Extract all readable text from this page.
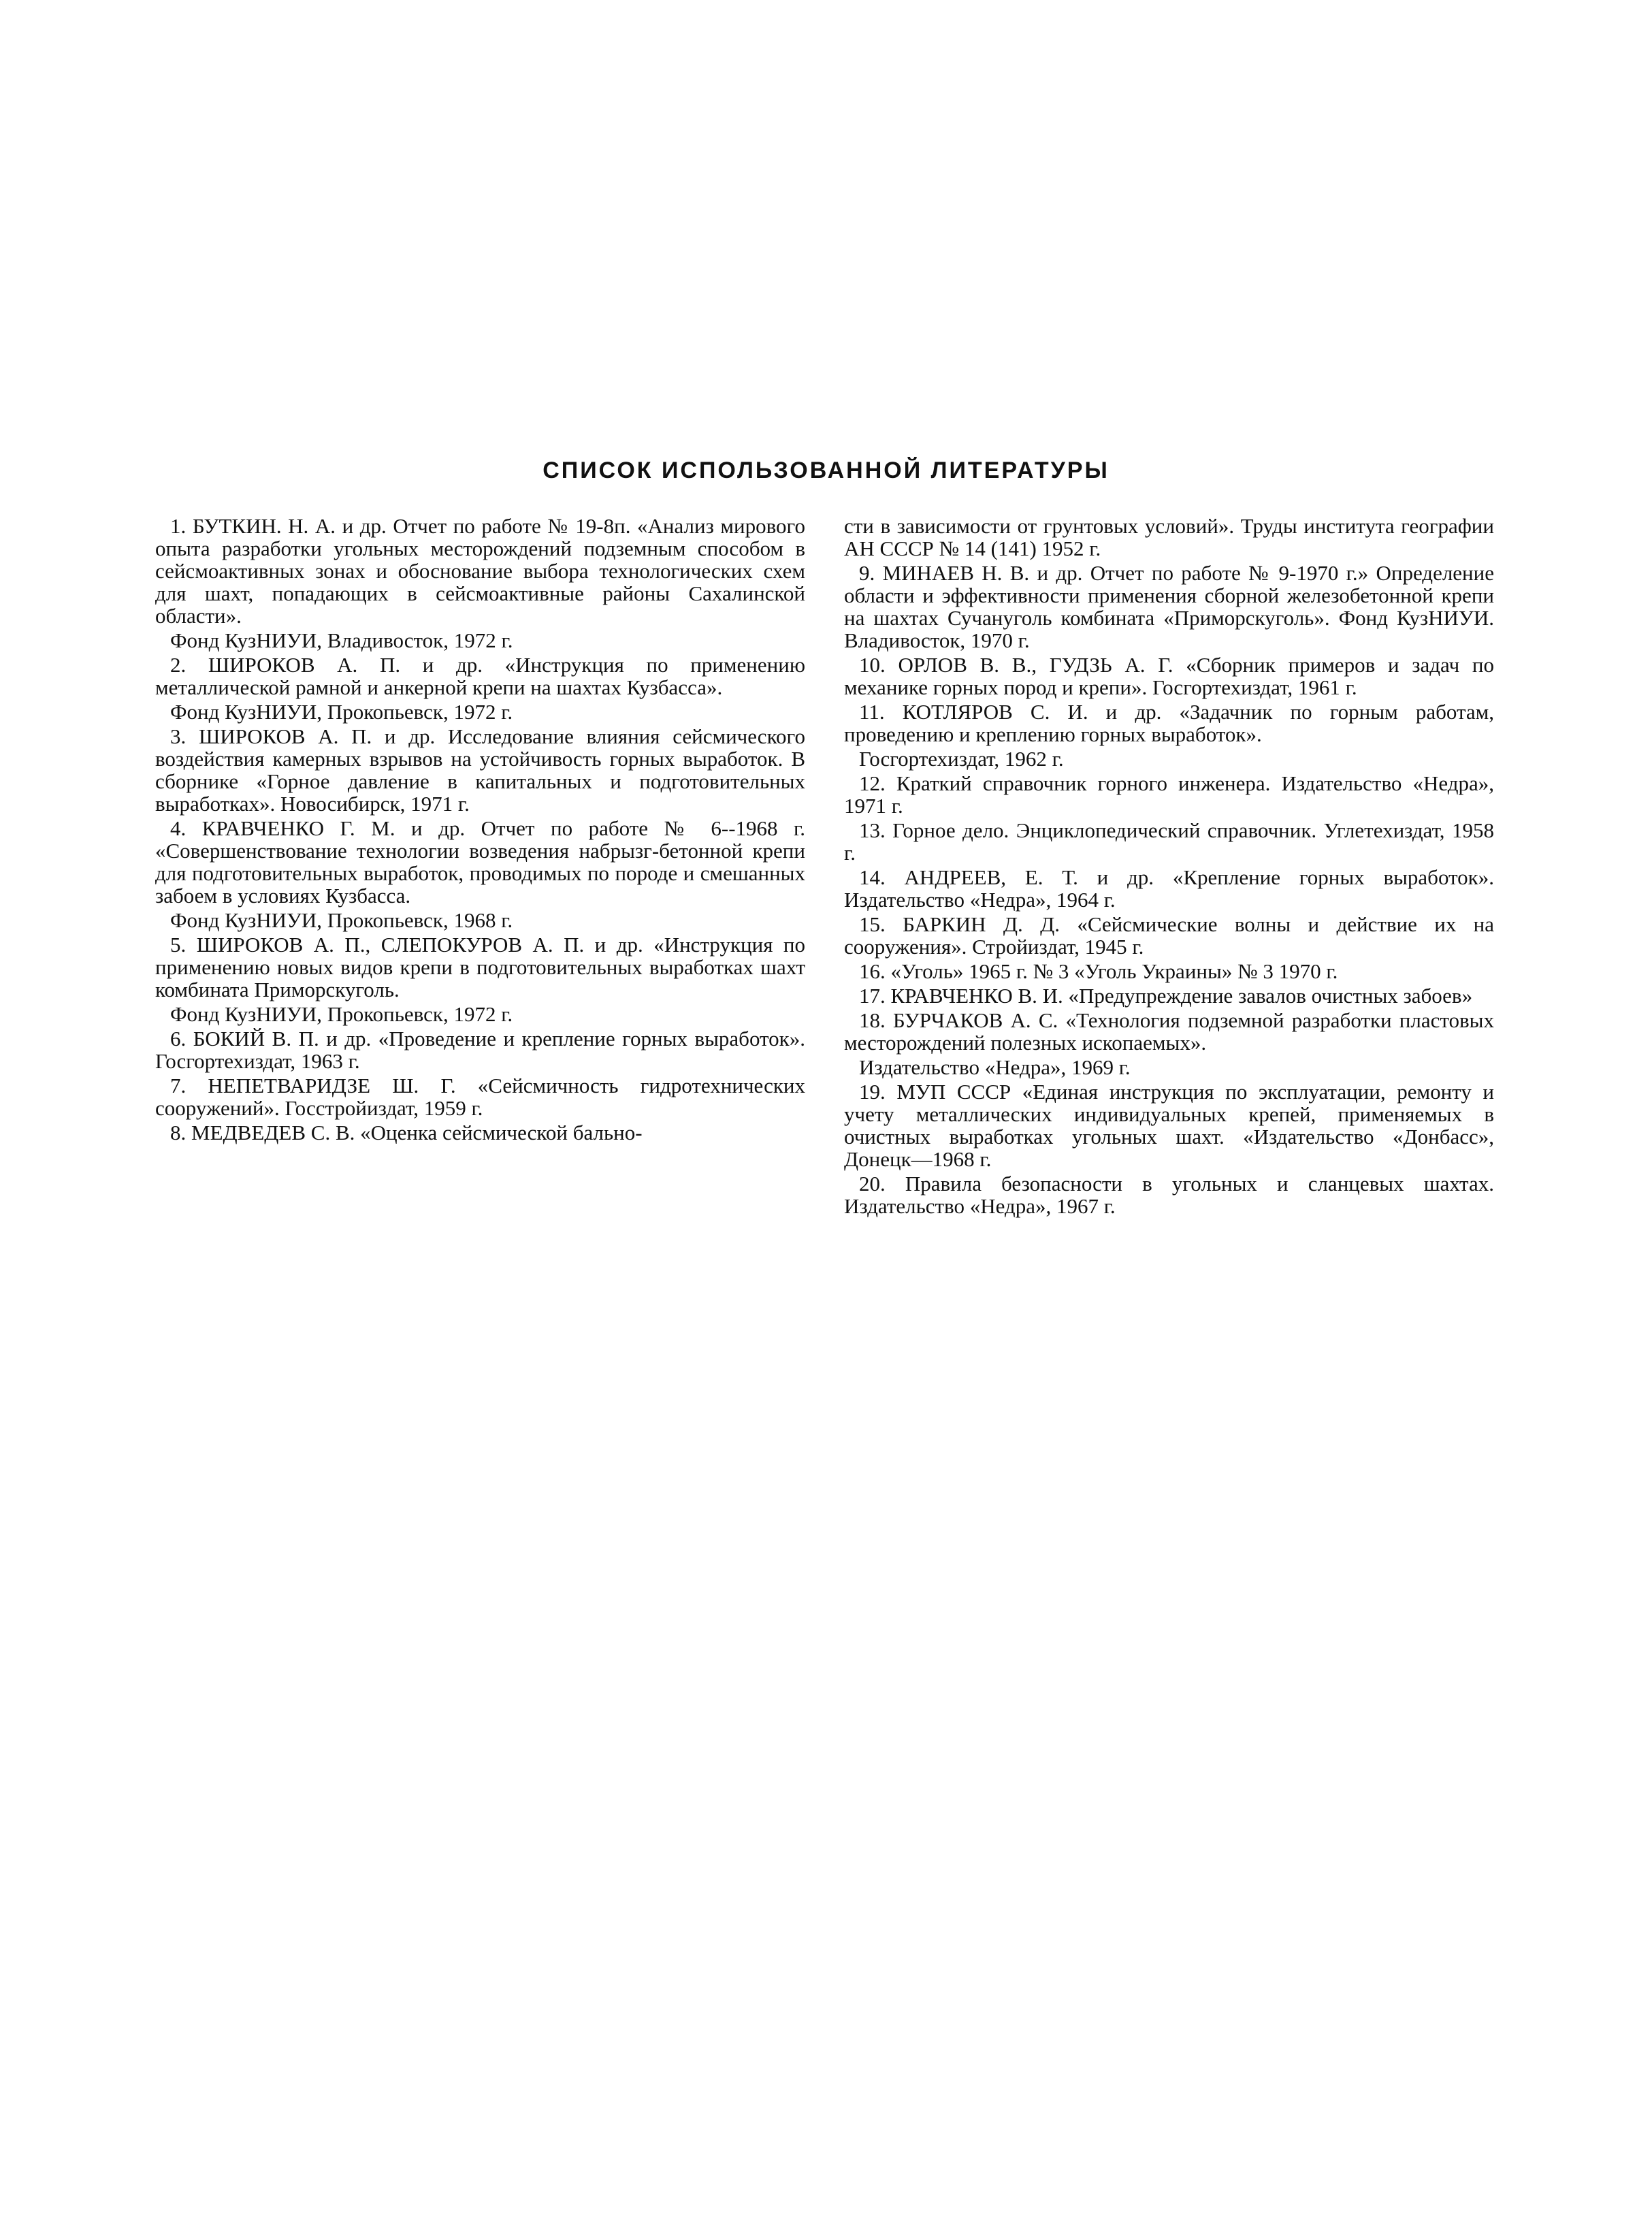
СПИСОК ИСПОЛЬЗОВАННОЙ ЛИТЕРАТУРЫ

1. БУТКИН. Н. А. и др. Отчет по работе № 19-8п. «Анализ мирового опыта разработки угольных месторождений подземным способом в сейсмоактивных зонах и обоснование выбора технологических схем для шахт, попадающих в сейсмоактивные районы Сахалинской области».

Фонд КузНИУИ, Владивосток, 1972 г.

2. ШИРОКОВ А. П. и др. «Инструкция по применению металлической рамной и анкерной крепи на шахтах Кузбасса».

Фонд КузНИУИ, Прокопьевск, 1972 г.

3. ШИРОКОВ А. П. и др. Исследование влияния сейсмического воздействия камерных взрывов на устойчивость горных выработок. В сборнике «Горное давление в капитальных и подготовительных выработках». Новосибирск, 1971 г.

4. КРАВЧЕНКО Г. М. и др. Отчет по работе № 6--1968 г. «Совершенствование технологии возведения набрызг-бетонной крепи для подготовительных выработок, проводимых по породе и смешанных забоем в условиях Кузбасса.

Фонд КузНИУИ, Прокопьевск, 1968 г.

5. ШИРОКОВ А. П., СЛЕПОКУРОВ А. П. и др. «Инструкция по применению новых видов крепи в подготовительных выработках шахт комбината Приморскуголь.

Фонд КузНИУИ, Прокопьевск, 1972 г.

6. БОКИЙ В. П. и др. «Проведение и крепление горных выработок». Госгортехиздат, 1963 г.

7. НЕПЕТВАРИДЗЕ Ш. Г. «Сейсмичность гидротехнических сооружений». Госстройиздат, 1959 г.

8. МЕДВЕДЕВ С. В. «Оценка сейсмической бально-

сти в зависимости от грунтовых условий». Труды института географии АН СССР № 14 (141) 1952 г.

9. МИНАЕВ Н. В. и др. Отчет по работе № 9-1970 г.» Определение области и эффективности применения сборной железобетонной крепи на шахтах Сучануголь комбината «Приморскуголь». Фонд КузНИУИ. Владивосток, 1970 г.

10. ОРЛОВ В. В., ГУДЗЬ А. Г. «Сборник примеров и задач по механике горных пород и крепи». Госгортехиздат, 1961 г.

11. КОТЛЯРОВ С. И. и др. «Задачник по горным работам, проведению и креплению горных выработок».

Госгортехиздат, 1962 г.

12. Краткий справочник горного инженера. Издательство «Недра», 1971 г.

13. Горное дело. Энциклопедический справочник. Углетехиздат, 1958 г.

14. АНДРЕЕВ, Е. Т. и др. «Крепление горных выработок». Издательство «Недра», 1964 г.

15. БАРКИН Д. Д. «Сейсмические волны и действие их на сооружения». Стройиздат, 1945 г.

16. «Уголь» 1965 г. № 3 «Уголь Украины» № 3 1970 г.

17. КРАВЧЕНКО В. И. «Предупреждение завалов очистных забоев»

18. БУРЧАКОВ А. С. «Технология подземной разработки пластовых месторождений полезных ископаемых».

Издательство «Недра», 1969 г.

19. МУП СССР «Единая инструкция по эксплуатации, ремонту и учету металлических индивидуальных крепей, применяемых в очистных выработках угольных шахт. «Издательство «Донбасс», Донецк—1968 г.

20. Правила безопасности в угольных и сланцевых шахтах. Издательство «Недра», 1967 г.
